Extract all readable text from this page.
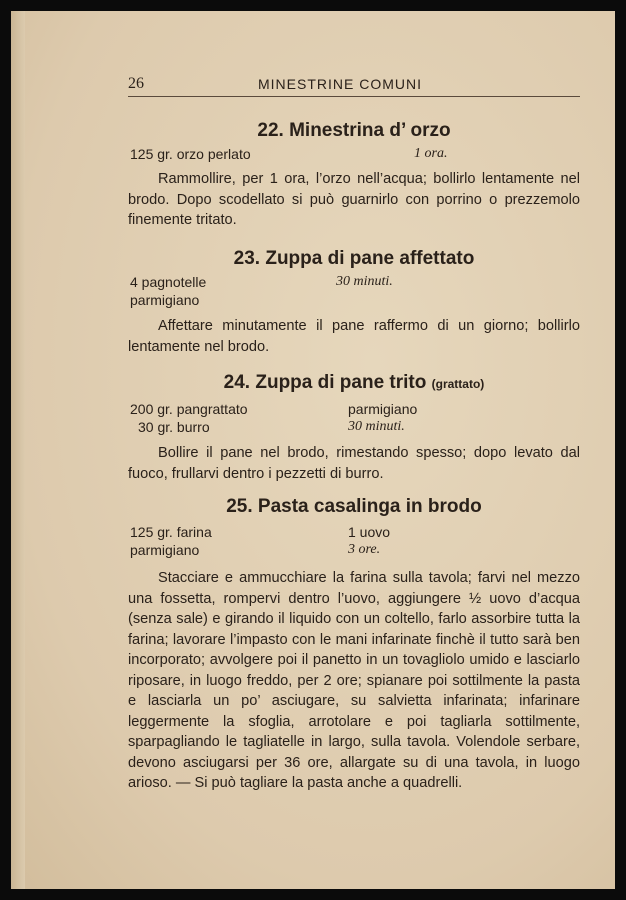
26	MINESTRINE COMUNI
22. Minestrina d’ orzo
125 gr. orzo perlato	1 ora.

Rammollire, per 1 ora, l’orzo nell’acqua; bollirlo lentamente nel brodo. Dopo scodellato si può guarnirlo con porrino o prezzemolo finemente tritato.

23. Zuppa di pane affettato
4 pagnotelle
parmigiano
30 minuti.

Affettare minutamente il pane raffermo di un giorno; bollirlo lentamente nel brodo.

24. Zuppa di pane trito (grattato)
200 gr. pangrattato
30 gr. burro
parmigiano
30 minuti.

Bollire il pane nel brodo, rimestando spesso; dopo levato dal fuoco, frullarvi dentro i pezzetti di burro.

25. Pasta casalinga in brodo
125 gr. farina
parmigiano
1 uovo
3 ore.

Stacciare e ammucchiare la farina sulla tavola; farvi nel mezzo una fossetta, rompervi dentro l’uovo, aggiungere ½ uovo d’acqua (senza sale) e girando il liquido con un coltello, farlo assorbire tutta la farina; lavorare l’impasto con le mani infarinate finchè il tutto sarà ben incorporato; avvolgere poi il panetto in un tovagliolo umido e lasciarlo riposare, in luogo freddo, per 2 ore; spianare poi sottilmente la pasta e lasciarla un po’ asciugare, su salvietta infarinata; infarinare leggermente la sfoglia, arrotolare e poi tagliarla sottilmente, sparpagliando le tagliatelle in largo, sulla tavola. Volendole serbare, devono asciugarsi per 36 ore, allargate su di una tavola, in luogo arioso. — Si può tagliare la pasta anche a quadrelli.
